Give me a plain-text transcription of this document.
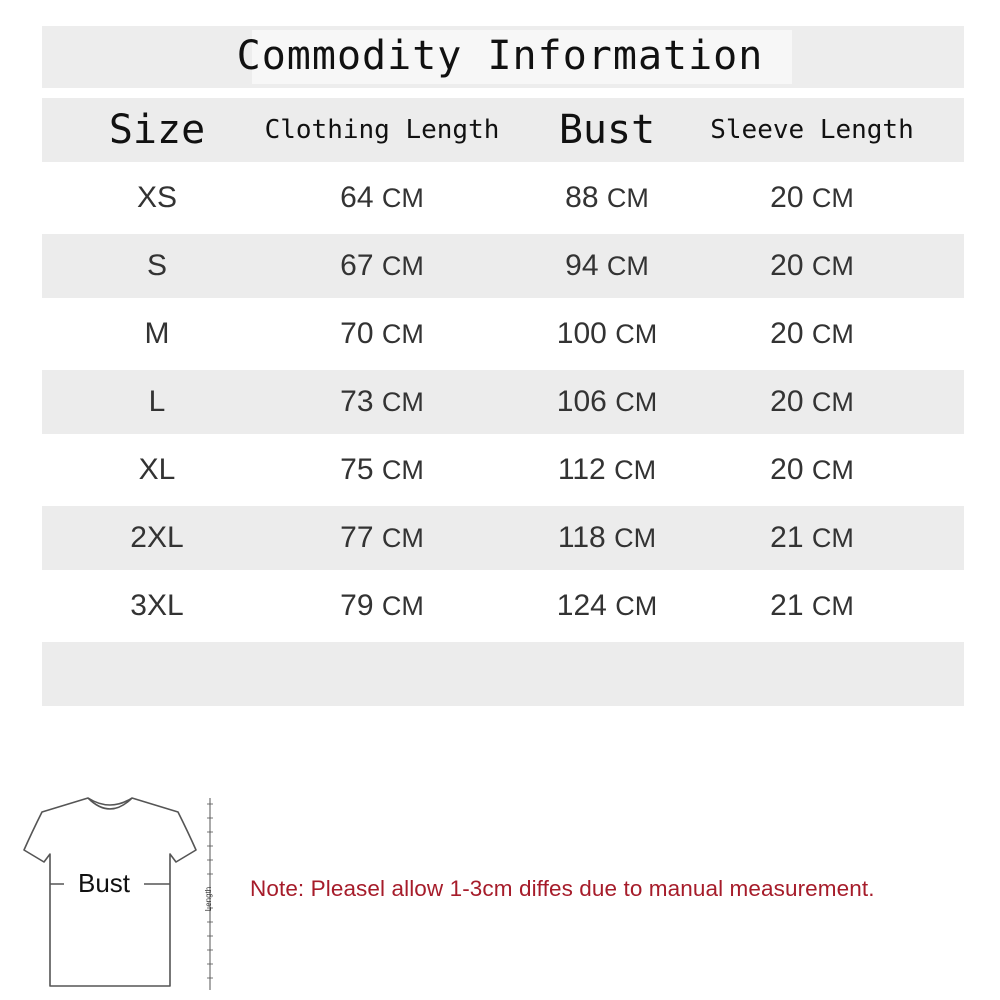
Commodity Information
Size	Clothing Length	Bust	Sleeve Length
XS	64 CM	88 CM	20 CM
S	67 CM	94 CM	20 CM
M	70 CM	100 CM	20 CM
L	73 CM	106 CM	20 CM
XL	75 CM	112 CM	20 CM
2XL	77 CM	118 CM	21 CM
3XL	79 CM	124 CM	21 CM
Bust
Length Note: Pleasel allow 1-3cm diffes due to manual measurement.
